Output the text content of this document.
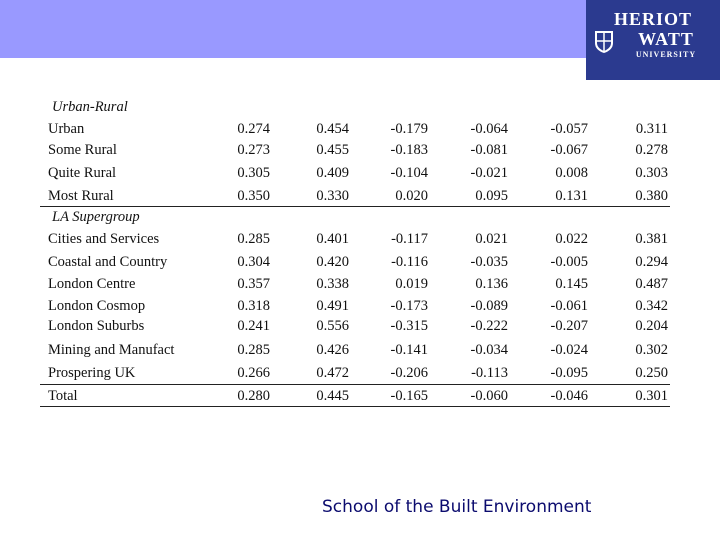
HERIOT
WATT
UNIVERSITY
Urban-Rural
Urban	0.274	0.454	-0.179	-0.064	-0.057	0.311
Some Rural	0.273	0.455	-0.183	-0.081	-0.067	0.278
Quite Rural	0.305	0.409	-0.104	-0.021	0.008	0.303
Most Rural	0.350	0.330	0.020	0.095	0.131	0.380
LA Supergroup
Cities and Services	0.285	0.401	-0.117	0.021	0.022	0.381
Coastal and Country	0.304	0.420	-0.116	-0.035	-0.005	0.294
London Centre	0.357	0.338	0.019	0.136	0.145	0.487
London Cosmop	0.318	0.491	-0.173	-0.089	-0.061	0.342
London Suburbs	0.241	0.556	-0.315	-0.222	-0.207	0.204
Mining and Manufact	0.285	0.426	-0.141	-0.034	-0.024	0.302
Prospering UK	0.266	0.472	-0.206	-0.113	-0.095	0.250
Total	0.280	0.445	-0.165	-0.060	-0.046	0.301
School of the Built Environment
